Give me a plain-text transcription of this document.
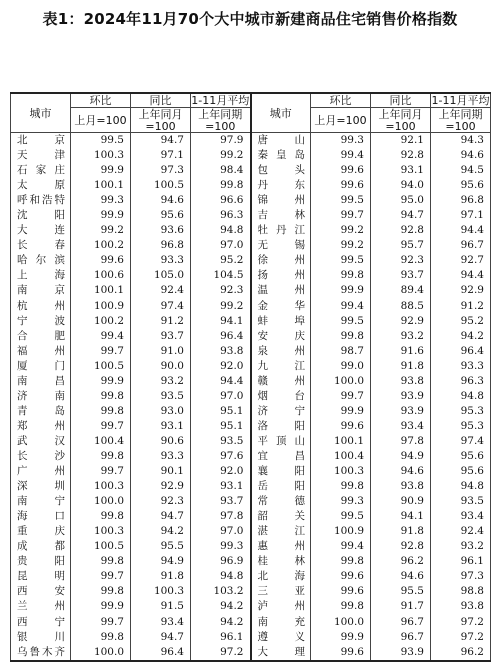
表1：2024年11月70个大中城市新建商品住宅销售价格指数
城市	环比	同比	1-11月平均	城市	环比	同比	1-11月平均
	上月=100	上年同月	上年同期		上月=100	上年同月	上年同期
		=100	=100			=100	=100
北京	99.5	94.7	97.9	唐山	99.3	92.1	94.3
天津	100.3	97.1	99.2	秦皇岛	99.4	92.8	94.6
石家庄	99.9	97.3	98.4	包头	99.6	93.1	94.5
太原	100.1	100.5	99.8	丹东	99.6	94.0	95.6
呼和浩特	99.3	94.6	96.6	锦州	99.5	95.0	96.8
沈阳	99.9	95.6	96.3	吉林	99.7	94.7	97.1
大连	99.2	93.6	94.8	牡丹江	99.2	92.8	94.4
长春	100.2	96.8	97.0	无锡	99.2	95.7	96.7
哈尔滨	99.6	93.3	95.2	徐州	99.5	92.3	92.7
上海	100.6	105.0	104.5	扬州	99.8	93.7	94.4
南京	100.1	92.4	92.3	温州	99.9	89.4	92.9
杭州	100.9	97.4	99.2	金华	99.4	88.5	91.2
宁波	100.2	91.2	94.1	蚌埠	99.5	92.9	95.2
合肥	99.4	93.7	96.4	安庆	99.8	93.2	94.2
福州	99.7	91.0	93.8	泉州	98.7	91.6	96.4
厦门	100.5	90.0	92.0	九江	99.0	91.8	93.3
南昌	99.9	93.2	94.4	赣州	100.0	93.8	96.3
济南	99.8	93.5	97.0	烟台	99.7	93.9	94.8
青岛	99.8	93.0	95.1	济宁	99.9	93.9	95.3
郑州	99.7	93.1	95.1	洛阳	99.6	93.4	95.3
武汉	100.4	90.6	93.5	平顶山	100.1	97.8	97.4
长沙	99.8	93.3	97.6	宜昌	100.4	94.9	95.6
广州	99.7	90.1	92.0	襄阳	100.3	94.6	95.6
深圳	100.3	92.9	93.1	岳阳	99.8	93.8	94.8
南宁	100.0	92.3	93.7	常德	99.3	90.9	93.5
海口	99.8	94.7	97.8	韶关	99.5	94.1	93.4
重庆	100.3	94.2	97.0	湛江	100.9	91.8	92.4
成都	100.5	95.5	99.3	惠州	99.4	92.8	93.2
贵阳	99.8	94.9	96.9	桂林	99.8	96.2	96.1
昆明	99.7	91.8	94.8	北海	99.6	94.6	97.3
西安	99.8	100.3	103.2	三亚	99.6	95.5	98.8
兰州	99.9	91.5	94.2	泸州	99.8	91.7	93.8
西宁	99.7	93.4	94.2	南充	100.0	96.7	97.2
银川	99.8	94.7	96.1	遵义	99.9	96.7	97.2
乌鲁木齐	100.0	96.4	97.2	大理	99.6	93.9	96.2
